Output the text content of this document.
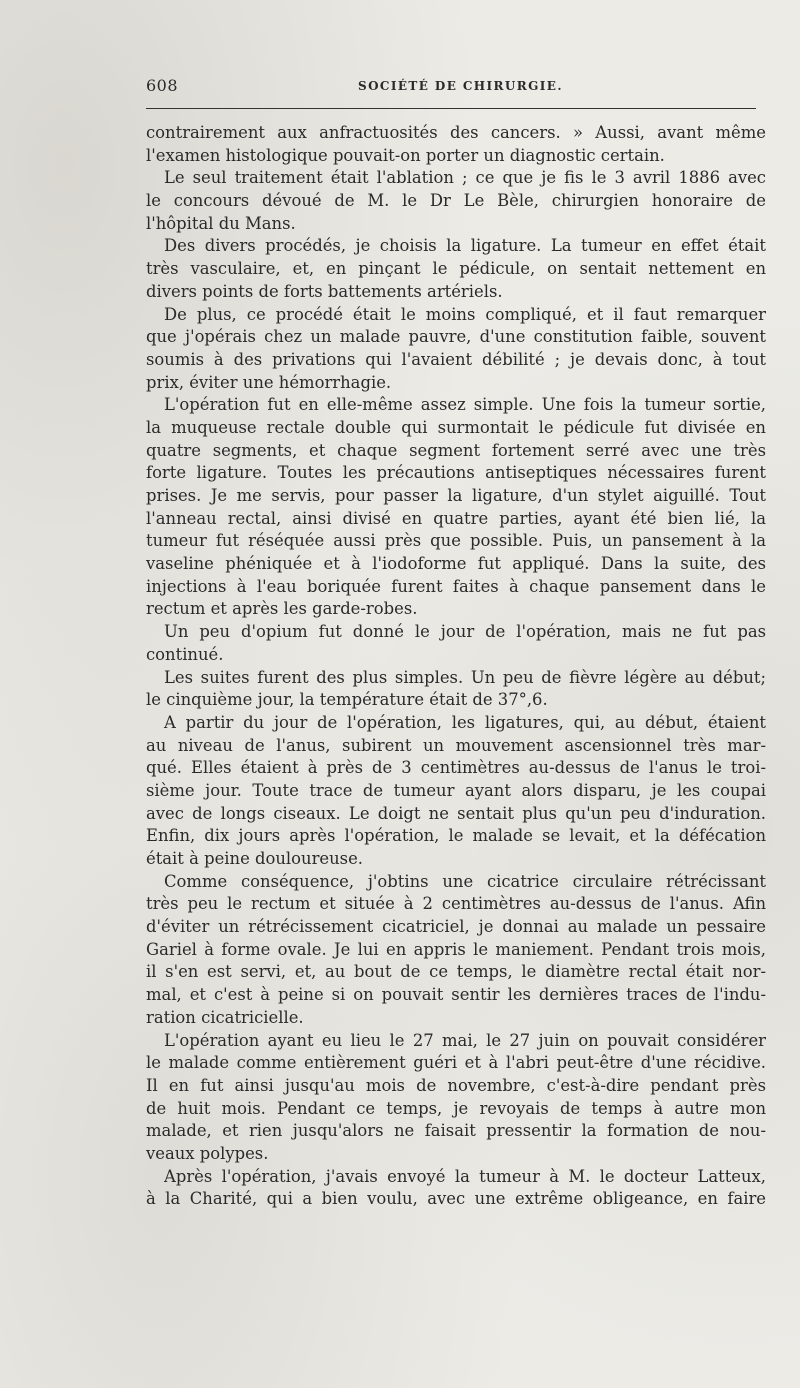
608	SOCIÉTÉ DE CHIRURGIE.
contrairement aux anfractuosités des cancers. » Aussi, avant même
l'examen histologique pouvait-on porter un diagnostic certain.
Le seul traitement était l'ablation ; ce que je fis le 3 avril 1886 avec
le concours dévoué de M. le Dr Le Bèle, chirurgien honoraire de
l'hôpital du Mans.
Des divers procédés, je choisis la ligature. La tumeur en effet était
très vasculaire, et, en pinçant le pédicule, on sentait nettement en
divers points de forts battements artériels.
De plus, ce procédé était le moins compliqué, et il faut remarquer
que j'opérais chez un malade pauvre, d'une constitution faible, souvent
soumis à des privations qui l'avaient débilité ; je devais donc, à tout
prix, éviter une hémorrhagie.
L'opération fut en elle-même assez simple. Une fois la tumeur sortie,
la muqueuse rectale double qui surmontait le pédicule fut divisée en
quatre segments, et chaque segment fortement serré avec une très
forte ligature. Toutes les précautions antiseptiques nécessaires furent
prises. Je me servis, pour passer la ligature, d'un stylet aiguillé. Tout
l'anneau rectal, ainsi divisé en quatre parties, ayant été bien lié, la
tumeur fut réséquée aussi près que possible. Puis, un pansement à la
vaseline phéniquée et à l'iodoforme fut appliqué. Dans la suite, des
injections à l'eau boriquée furent faites à chaque pansement dans le
rectum et après les garde-robes.
Un peu d'opium fut donné le jour de l'opération, mais ne fut pas
continué.
Les suites furent des plus simples. Un peu de fièvre légère au début;
le cinquième jour, la température était de 37°,6.
A partir du jour de l'opération, les ligatures, qui, au début, étaient
au niveau de l'anus, subirent un mouvement ascensionnel très mar-
qué. Elles étaient à près de 3 centimètres au-dessus de l'anus le troi-
sième jour. Toute trace de tumeur ayant alors disparu, je les coupai
avec de longs ciseaux. Le doigt ne sentait plus qu'un peu d'induration.
Enfin, dix jours après l'opération, le malade se levait, et la défécation
était à peine douloureuse.
Comme conséquence, j'obtins une cicatrice circulaire rétrécissant
très peu le rectum et située à 2 centimètres au-dessus de l'anus. Afin
d'éviter un rétrécissement cicatriciel, je donnai au malade un pessaire
Gariel à forme ovale. Je lui en appris le maniement. Pendant trois mois,
il s'en est servi, et, au bout de ce temps, le diamètre rectal était nor-
mal, et c'est à peine si on pouvait sentir les dernières traces de l'indu-
ration cicatricielle.
L'opération ayant eu lieu le 27 mai, le 27 juin on pouvait considérer
le malade comme entièrement guéri et à l'abri peut-être d'une récidive.
Il en fut ainsi jusqu'au mois de novembre, c'est-à-dire pendant près
de huit mois. Pendant ce temps, je revoyais de temps à autre mon
malade, et rien jusqu'alors ne faisait pressentir la formation de nou-
veaux polypes.
Après l'opération, j'avais envoyé la tumeur à M. le docteur Latteux,
à la Charité, qui a bien voulu, avec une extrême obligeance, en faire
